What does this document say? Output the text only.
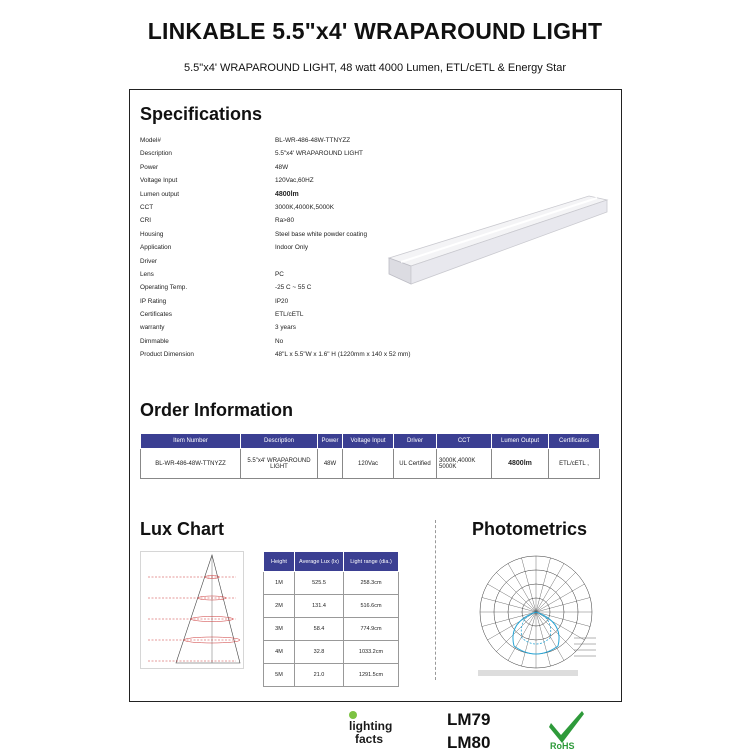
LINKABLE 5.5"x4' WRAPAROUND LIGHT
5.5"x4' WRAPAROUND LIGHT, 48 watt 4000 Lumen, ETL/cETL & Energy Star
Specifications
Model#	BL-WR-486-48W-TTNYZZ
Description	5.5"x4' WRAPAROUND LIGHT
Power	48W
Voltage Input	120Vac,60HZ
Lumen output	4800lm
CCT	3000K,4000K,5000K
CRI	Ra>80
Housing	Steel base white powder coating
Application	Indoor Only
Driver
Lens	PC
Operating Temp.	-25 C ~ 55 C
IP Rating	IP20
Certificates	ETL/cETL
warranty	3 years
Dimmable	No
Product Dimension	48"L x 5.5"W x 1.6" H (1220mm x 140 x 52 mm)
Order Information
Item Number	Description	Power	Voltage Input	Driver	CCT	Lumen Output	Certificates
BL-WR-486-48W-TTNYZZ	5.5"x4' WRAPAROUND LIGHT	48W	120Vac	UL Certified	3000K,4000K 5000K	4800lm	ETL/cETL ,
Lux Chart	Photometrics
Height	Average Lux (lx)	Light range (dia.)
1M	525.5	258.3cm
2M	131.4	516.6cm
3M	58.4	774.9cm
4M	32.8	1033.2cm
5M	21.0	1291.5cm
lighting
facts
LM79
LM80	RoHS
